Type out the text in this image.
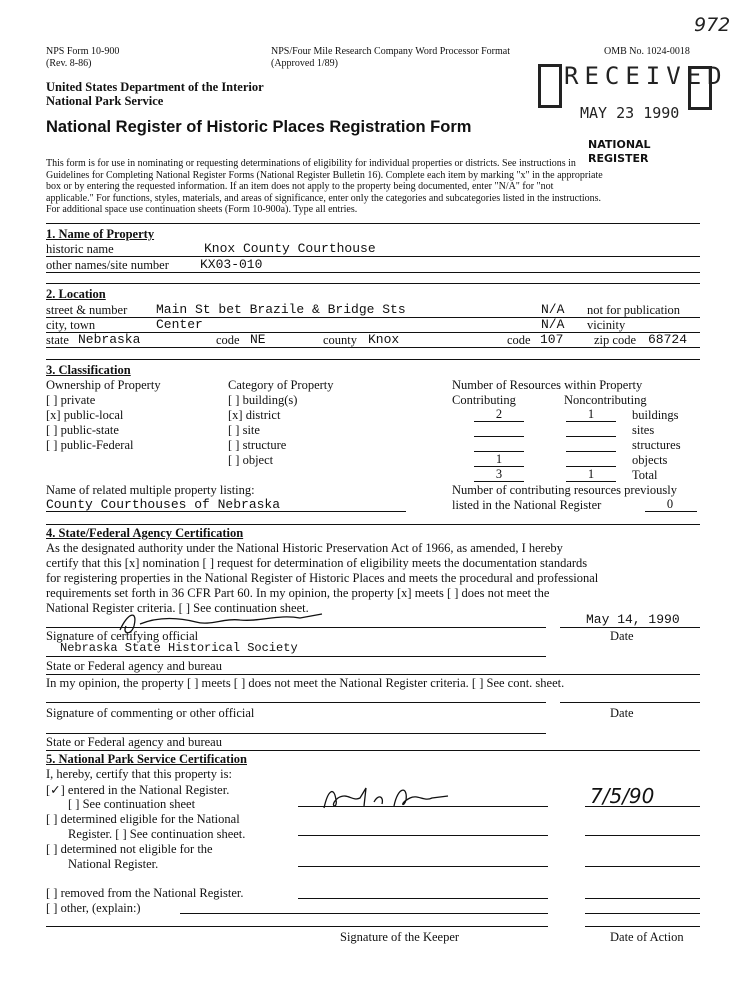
NPS Form 10-900
(Rev. 8-86)
NPS/Four Mile Research Company Word Processor Format
(Approved 1/89)
OMB No. 1024-0018
972
United States Department of the Interior
National Park Service
National Register of Historic Places Registration Form
RECEIVED
MAY 23 1990
NATIONAL
REGISTER
This form is for use in nominating or requesting determinations of eligibility for individual properties or districts. See instructions in
Guidelines for Completing National Register Forms (National Register Bulletin 16). Complete each item by marking "x" in the appropriate
box or by entering the requested information. If an item does not apply to the property being documented, enter "N/A" for "not
applicable." For functions, styles, materials, and areas of significance, enter only the categories and subcategories listed in the instructions.
For additional space use continuation sheets (Form 10-900a). Type all entries.
1. Name of Property
historic name	Knox County Courthouse
other names/site number KX03-010
2. Location
street & number Main St bet Brazile & Bridge Sts	N/A not for publication
city, town	Center	N/A vicinity
state Nebraska	code NE	county Knox	code 107 zip code 68724
3. Classification
Ownership of Property
[ ] private
[x] public-local
[ ] public-state
[ ] public-Federal
Category of Property
[ ] building(s)
[x] district
[ ] site
[ ] structure
[ ] object
Number of Resources within Property
Contributing	Noncontributing
2	1	buildings
sites
structures
1	objects
3	1	Total
Name of related multiple property listing:
County Courthouses of Nebraska
Number of contributing resources previously
listed in the National Register	0
4. State/Federal Agency Certification
As the designated authority under the National Historic Preservation Act of 1966, as amended, I hereby
certify that this [x] nomination [ ] request for determination of eligibility meets the documentation standards
for registering properties in the National Register of Historic Places and meets the procedural and professional
requirements set forth in 36 CFR Part 60. In my opinion, the property [x] meets [ ] does not meet the
National Register criteria. [ ] See continuation sheet.
May 14, 1990
Signature of certifying official	Date
Nebraska State Historical Society
State or Federal agency and bureau
In my opinion, the property [ ] meets [ ] does not meet the National Register criteria. [ ] See cont. sheet.
Signature of commenting or other official	Date
State or Federal agency and bureau
5. National Park Service Certification
I, hereby, certify that this property is:
[✓] entered in the National Register.
[ ] See continuation sheet
[ ] determined eligible for the National
Register. [ ] See continuation sheet.
[ ] determined not eligible for the
National Register.
[ ] removed from the National Register.
[ ] other, (explain:)
7/5/90
Signature of the Keeper	Date of Action
